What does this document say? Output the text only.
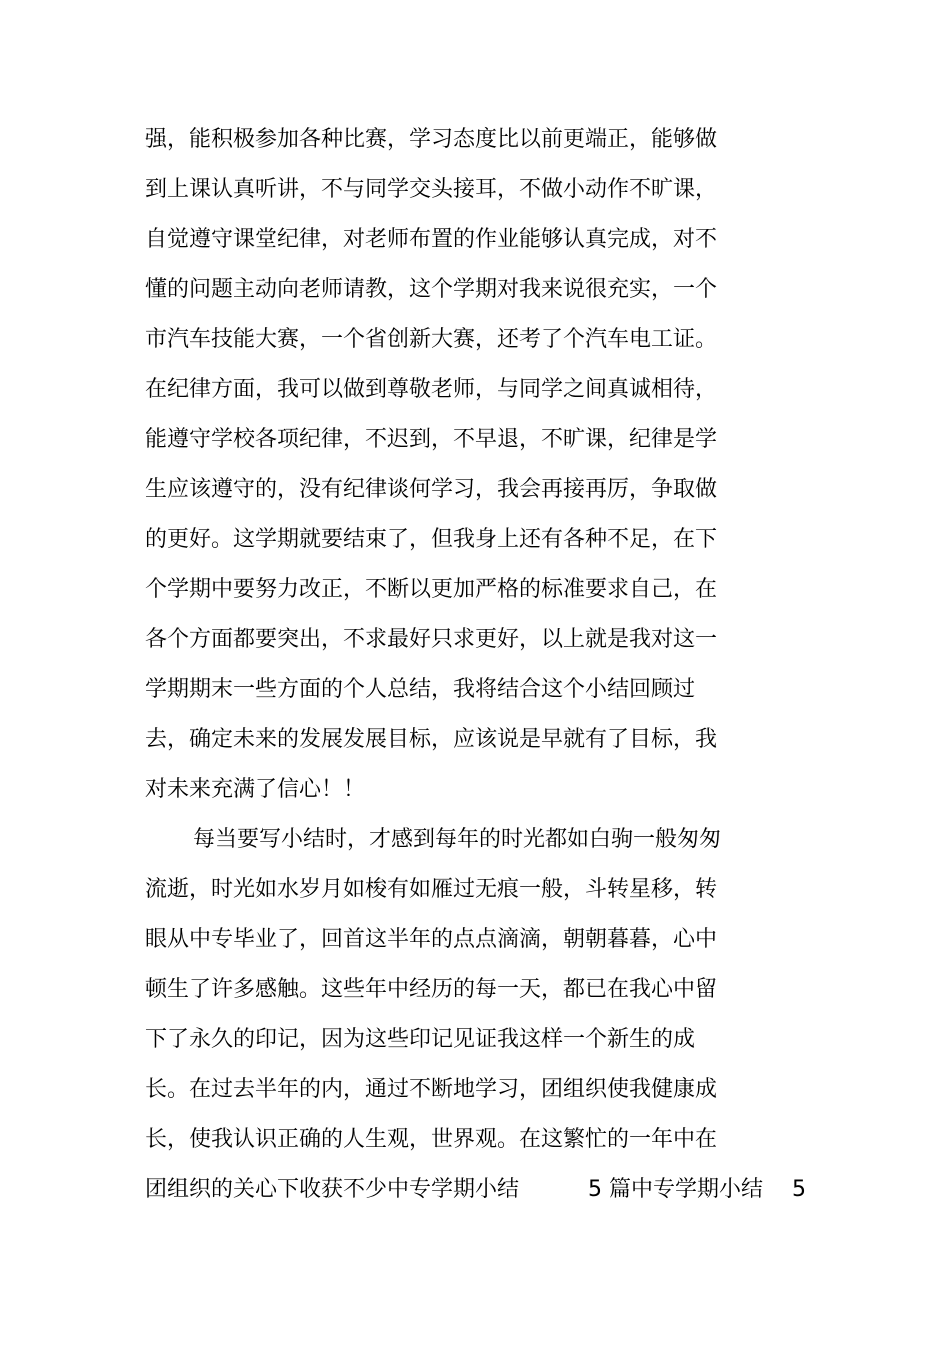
强，能积极参加各种比赛，学习态度比以前更端正，能够做
到上课认真听讲，不与同学交头接耳，不做小动作不旷课，
自觉遵守课堂纪律，对老师布置的作业能够认真完成，对不
懂的问题主动向老师请教，这个学期对我来说很充实，一个
市汽车技能大赛，一个省创新大赛，还考了个汽车电工证。
在纪律方面，我可以做到尊敬老师，与同学之间真诚相待，
能遵守学校各项纪律，不迟到，不早退，不旷课，纪律是学
生应该遵守的，没有纪律谈何学习，我会再接再厉，争取做
的更好。这学期就要结束了，但我身上还有各种不足，在下
个学期中要努力改正，不断以更加严格的标准要求自己，在
各个方面都要突出，不求最好只求更好，以上就是我对这一
学期期末一些方面的个人总结，我将结合这个小结回顾过
去，确定未来的发展发展目标，应该说是早就有了目标，我
对未来充满了信心！！
每当要写小结时，才感到每年的时光都如白驹一般匆匆
流逝，时光如水岁月如梭有如雁过无痕一般，斗转星移，转
眼从中专毕业了，回首这半年的点点滴滴，朝朝暮暮，心中
顿生了许多感触。这些年中经历的每一天，都已在我心中留
下了永久的印记，因为这些印记见证我这样一个新生的成
长。在过去半年的内，通过不断地学习，团组织使我健康成
长，使我认识正确的人生观，世界观。在这繁忙的一年中在
团组织的关心下收获不少中专学期小结	5 篇中专学期小结 5
